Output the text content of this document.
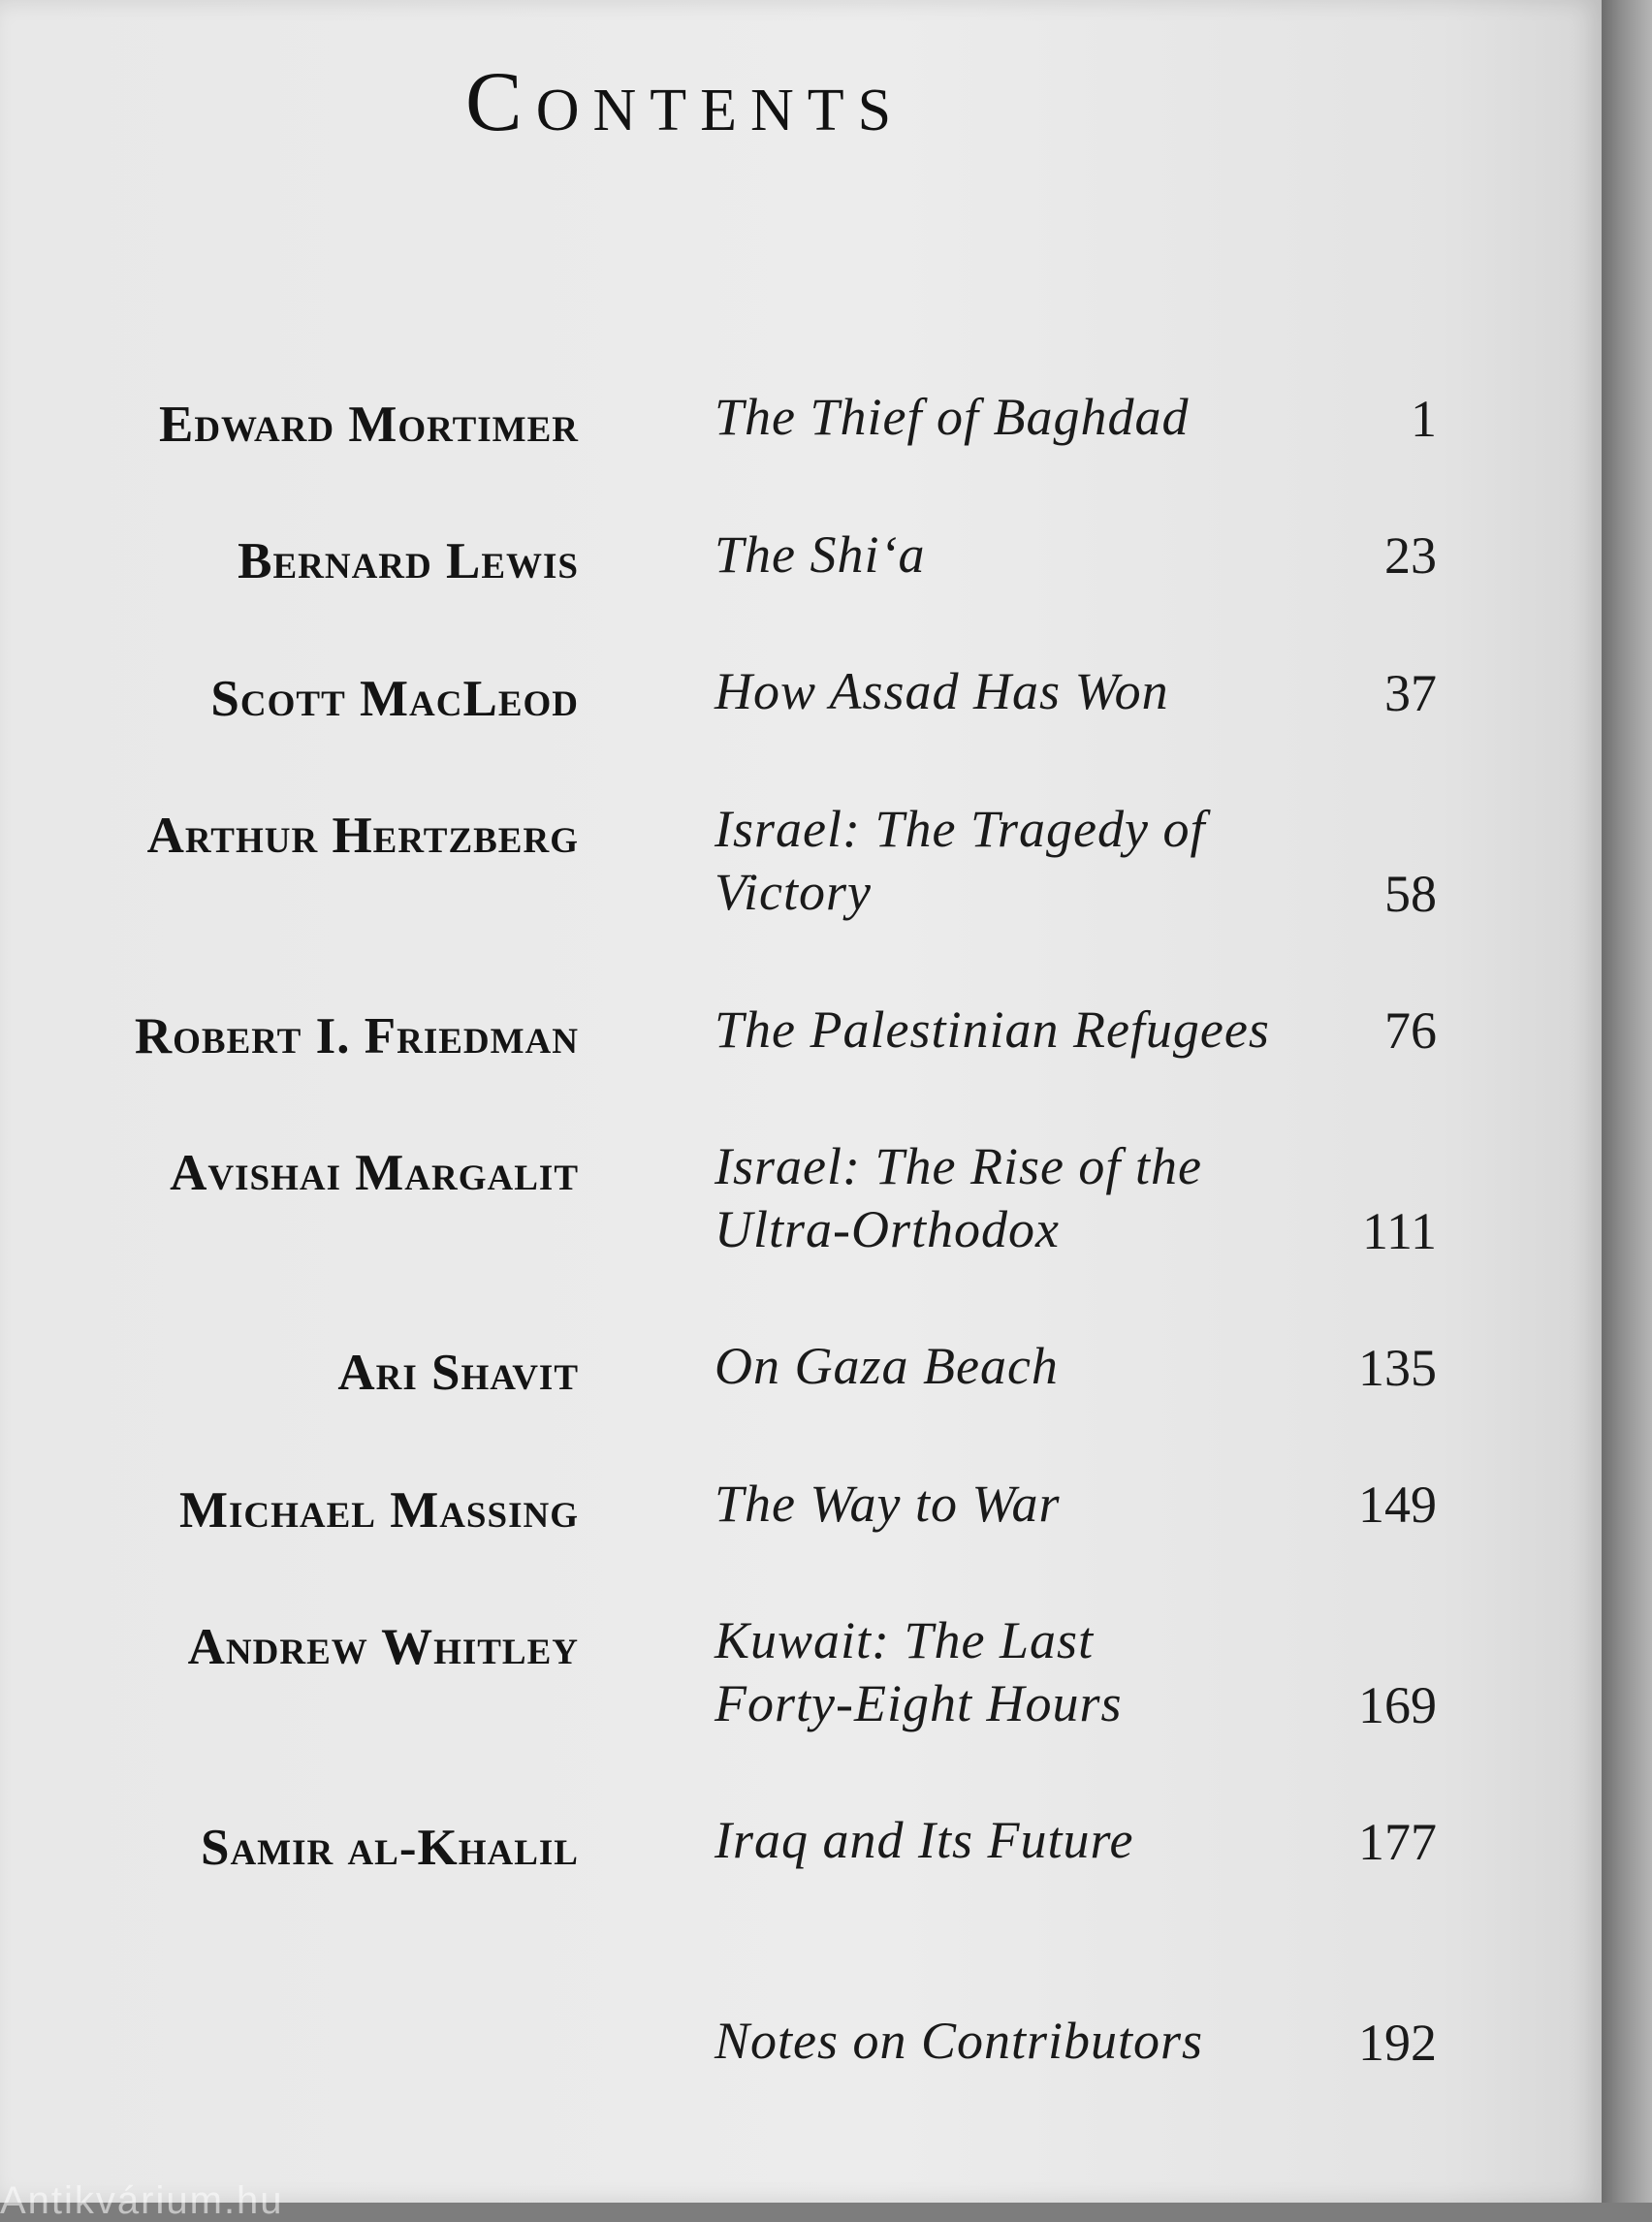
Contents
Edward Mortimer	The Thief of Baghdad	1
Bernard Lewis	The Shi‘a	23
Scott MacLeod	How Assad Has Won	37
Arthur Hertzberg	Israel: The Tragedy of
Victory	58
Robert I. Friedman	The Palestinian Refugees 76
Avishai Margalit	Israel: The Rise of the
Ultra-Orthodox	111
Ari Shavit	On Gaza Beach	135
Michael Massing	The Way to War	149
Andrew Whitley	Kuwait: The Last
Forty-Eight Hours	169
Samir al-Khalil	Iraq and Its Future	177
Notes on Contributors	192
Antikvárium.hu
